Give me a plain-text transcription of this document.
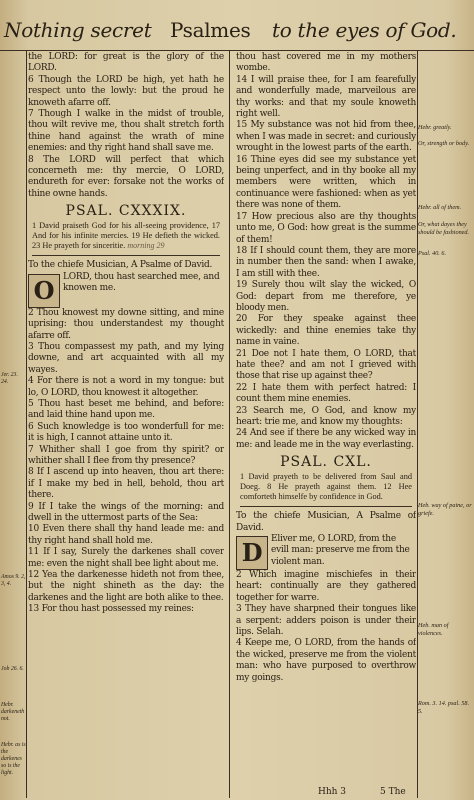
Nothing secret Psalmes to the eyes of God.

the LORD: for great is the glory of the LORD.

6 Though the LORD be high, yet hath he respect unto the lowly: but the proud he knoweth afarre off.

7 Though I walke in the midst of trouble, thou wilt revive me, thou shalt stretch forth thine hand against the wrath of mine enemies: and thy right hand shall save me.

8 The LORD will perfect that which concerneth me: thy mercie, O LORD, endureth for ever: forsake not the works of thine owne hands.

PSAL. CXXXIX.
1 David praiseth God for his all-seeing providence, 17 And for his infinite mercies. 19 He defieth the wicked. 23 He prayeth for sinceritie. morning 29

To the chiefe Musician, A Psalme of David.

O LORD, thou hast searched mee, and knowen me.

2 Thou knowest my downe sitting, and mine uprising: thou understandest my thought afarre off.

3 Thou compassest my path, and my lying downe, and art acquainted with all my wayes.

4 For there is not a word in my tongue: but lo, O LORD, thou knowest it altogether.

5 Thou hast beset me behind, and before: and laid thine hand upon me.

6 Such knowledge is too wonderfull for me: it is high, I cannot attaine unto it.

7 Whither shall I goe from thy spirit? or whither shall I flee from thy presence?

8 If I ascend up into heaven, thou art there: if I make my bed in hell, behold, thou art there.

9 If I take the wings of the morning: and dwell in the uttermost parts of the Sea:

10 Even there shall thy hand leade me: and thy right hand shall hold me.

11 If I say, Surely the darkenes shall cover me: even the night shall bee light about me.

12 Yea the darkenesse hideth not from thee, but the night shineth as the day: the darkenes and the light are both alike to thee.

13 For thou hast possessed my reines:

thou hast covered me in my mothers wombe.

14 I will praise thee, for I am fearefully and wonderfully made, marveilous are thy works: and that my soule knoweth right well.

15 My substance was not hid from thee, when I was made in secret: and curiously wrought in the lowest parts of the earth.

16 Thine eyes did see my substance yet being unperfect, and in thy booke all my members were written, which in continuance were fashioned: when as yet there was none of them.

17 How precious also are thy thoughts unto me, O God: how great is the summe of them!

18 If I should count them, they are more in number then the sand: when I awake, I am still with thee.

19 Surely thou wilt slay the wicked, O God: depart from me therefore, ye bloody men.

20 For they speake against thee wickedly: and thine enemies take thy name in vaine.

21 Doe not I hate them, O LORD, that hate thee? and am not I grieved with those that rise up against thee?

22 I hate them with perfect hatred: I count them mine enemies.

23 Search me, O God, and know my heart: trie me, and know my thoughts:

24 And see if there be any wicked way in me: and leade me in the way everlasting.

PSAL. CXL.
1 David prayeth to be delivered from Saul and Doeg. 8 He prayeth against them. 12 Hee comforteth himselfe by confidence in God.

To the chiefe Musician, A Psalme of David.

D Eliver me, O LORD, from the evill man: preserve me from the violent man.

2 Which imagine mischiefes in their heart: continually are they gathered together for warre.

3 They have sharpned their tongues like a serpent: adders poison is under their lips. Selah.

4 Keepe me, O LORD, from the hands of the wicked, preserve me from the violent man: who have purposed to overthrow my goings.

Hebr. greatly.
Or, strength or body.
Hebr. all of them.
Or, what dayes they should be fashioned.
Psal. 40. 6.
Heb. way of paine, or griefe.
Heb. man of violences.
Rom. 3. 14. psal. 58. 5.
Jer. 23. 24.
Amos 9. 2, 3, 4.
Job 26. 6.
Hebr. darkeneth not.
Hebr. as is the darkenes so is the light.
Hhh 3	5 The
